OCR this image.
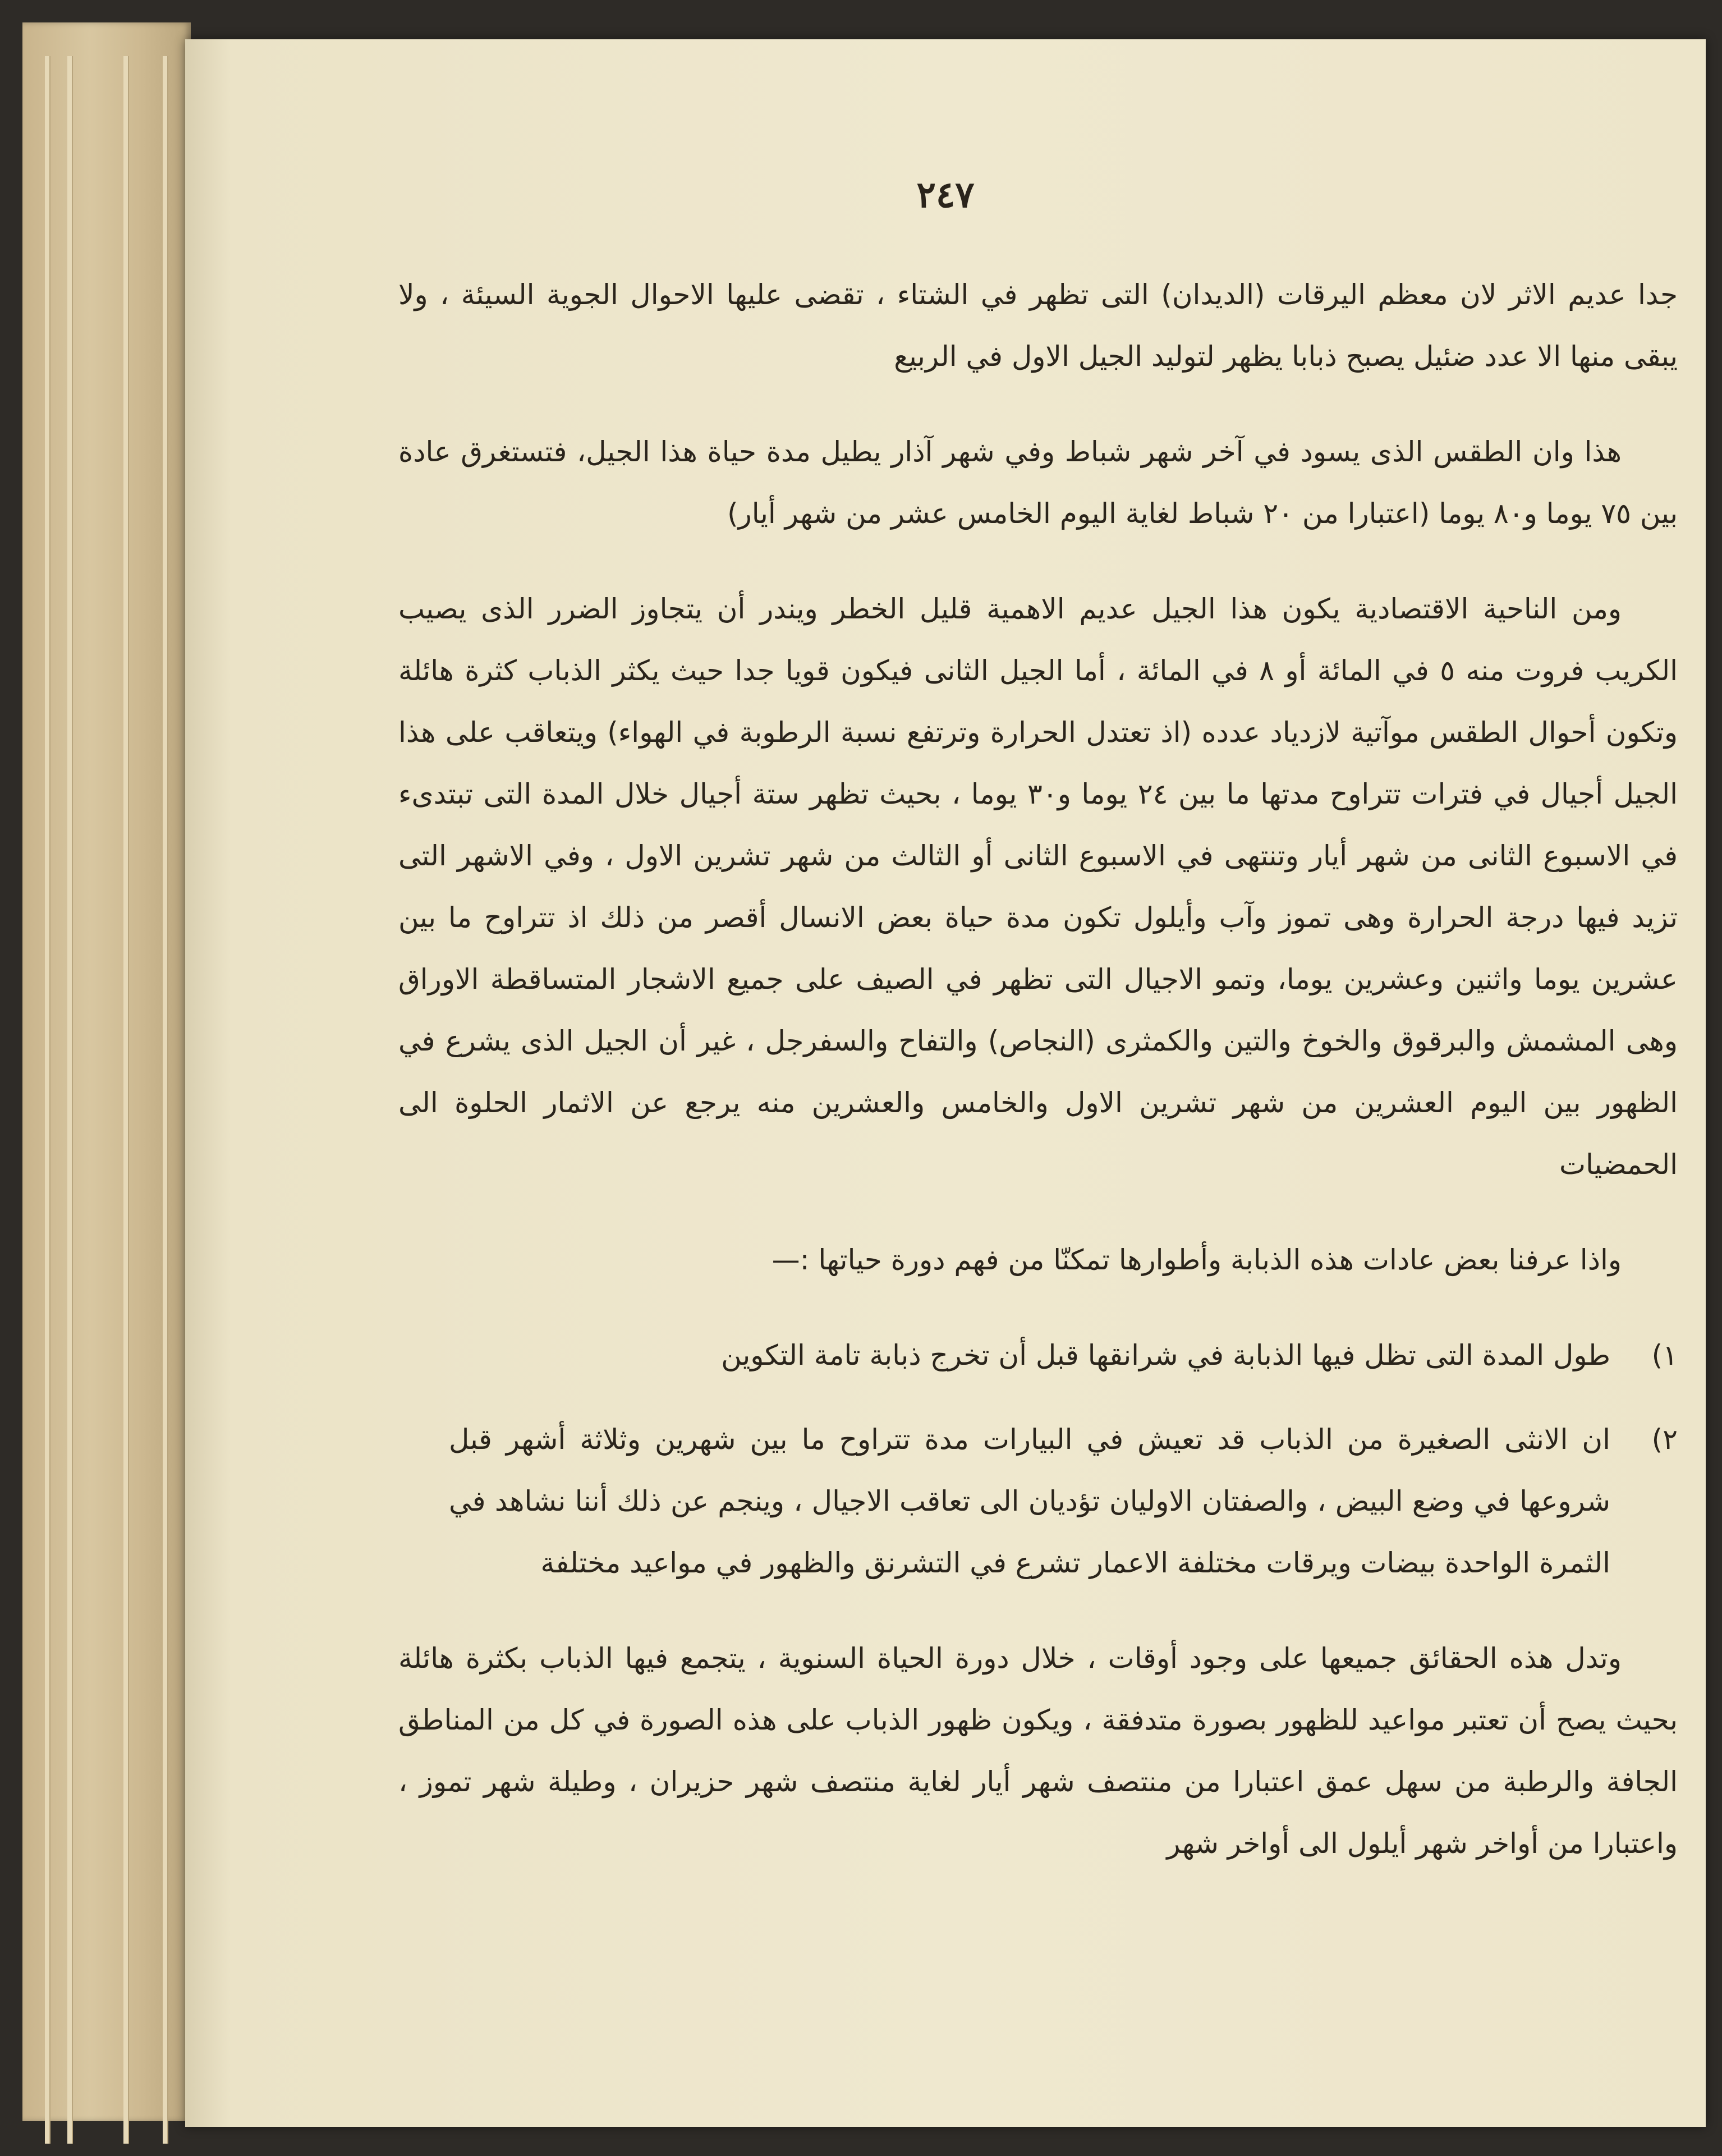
٢٤٧

جدا عديم الاثر لان معظم اليرقات (الديدان) التى تظهر في الشتاء ، تقضى عليها الاحوال الجوية السيئة ، ولا يبقى منها الا عدد ضئيل يصبح ذبابا يظهر لتوليد الجيل الاول في الربيع

هذا وان الطقس الذى يسود في آخر شهر شباط وفي شهر آذار يطيل مدة حياة هذا الجيل، فتستغرق عادة بين ٧٥ يوما و٨٠ يوما (اعتبارا من ٢٠ شباط لغاية اليوم الخامس عشر من شهر أيار)

ومن الناحية الاقتصادية يكون هذا الجيل عديم الاهمية قليل الخطر ويندر أن يتجاوز الضرر الذى يصيب الكريب فروت منه ٥ في المائة أو ٨ في المائة ، أما الجيل الثانى فيكون قويا جدا حيث يكثر الذباب كثرة هائلة وتكون أحوال الطقس موآتية لازدياد عدده (اذ تعتدل الحرارة وترتفع نسبة الرطوبة في الهواء) ويتعاقب على هذا الجيل أجيال في فترات تتراوح مدتها ما بين ٢٤ يوما و٣٠ يوما ، بحيث تظهر ستة أجيال خلال المدة التى تبتدىء في الاسبوع الثانى من شهر أيار وتنتهى في الاسبوع الثانى أو الثالث من شهر تشرين الاول ، وفي الاشهر التى تزيد فيها درجة الحرارة وهى تموز وآب وأيلول تكون مدة حياة بعض الانسال أقصر من ذلك اذ تتراوح ما بين عشرين يوما واثنين وعشرين يوما، وتمو الاجيال التى تظهر في الصيف على جميع الاشجار المتساقطة الاوراق وهى المشمش والبرقوق والخوخ والتين والكمثرى (النجاص) والتفاح والسفرجل ، غير أن الجيل الذى يشرع في الظهور بين اليوم العشرين من شهر تشرين الاول والخامس والعشرين منه يرجع عن الاثمار الحلوة الى الحمضيات

واذا عرفنا بعض عادات هذه الذبابة وأطوارها تمكنّا من فهم دورة حياتها :—

١)
طول المدة التى تظل فيها الذبابة في شرانقها قبل أن تخرج ذبابة تامة التكوين
٢)
ان الانثى الصغيرة من الذباب قد تعيش في البيارات مدة تتراوح ما بين شهرين وثلاثة أشهر قبل شروعها في وضع البيض ، والصفتان الاوليان تؤديان الى تعاقب الاجيال ، وينجم عن ذلك أننا نشاهد في الثمرة الواحدة بيضات ويرقات مختلفة الاعمار تشرع في التشرنق والظهور في مواعيد مختلفة

وتدل هذه الحقائق جميعها على وجود أوقات ، خلال دورة الحياة السنوية ، يتجمع فيها الذباب بكثرة هائلة بحيث يصح أن تعتبر مواعيد للظهور بصورة متدفقة ، ويكون ظهور الذباب على هذه الصورة في كل من المناطق الجافة والرطبة من سهل عمق اعتبارا من منتصف شهر أيار لغاية منتصف شهر حزيران ، وطيلة شهر تموز ، واعتبارا من أواخر شهر أيلول الى أواخر شهر
